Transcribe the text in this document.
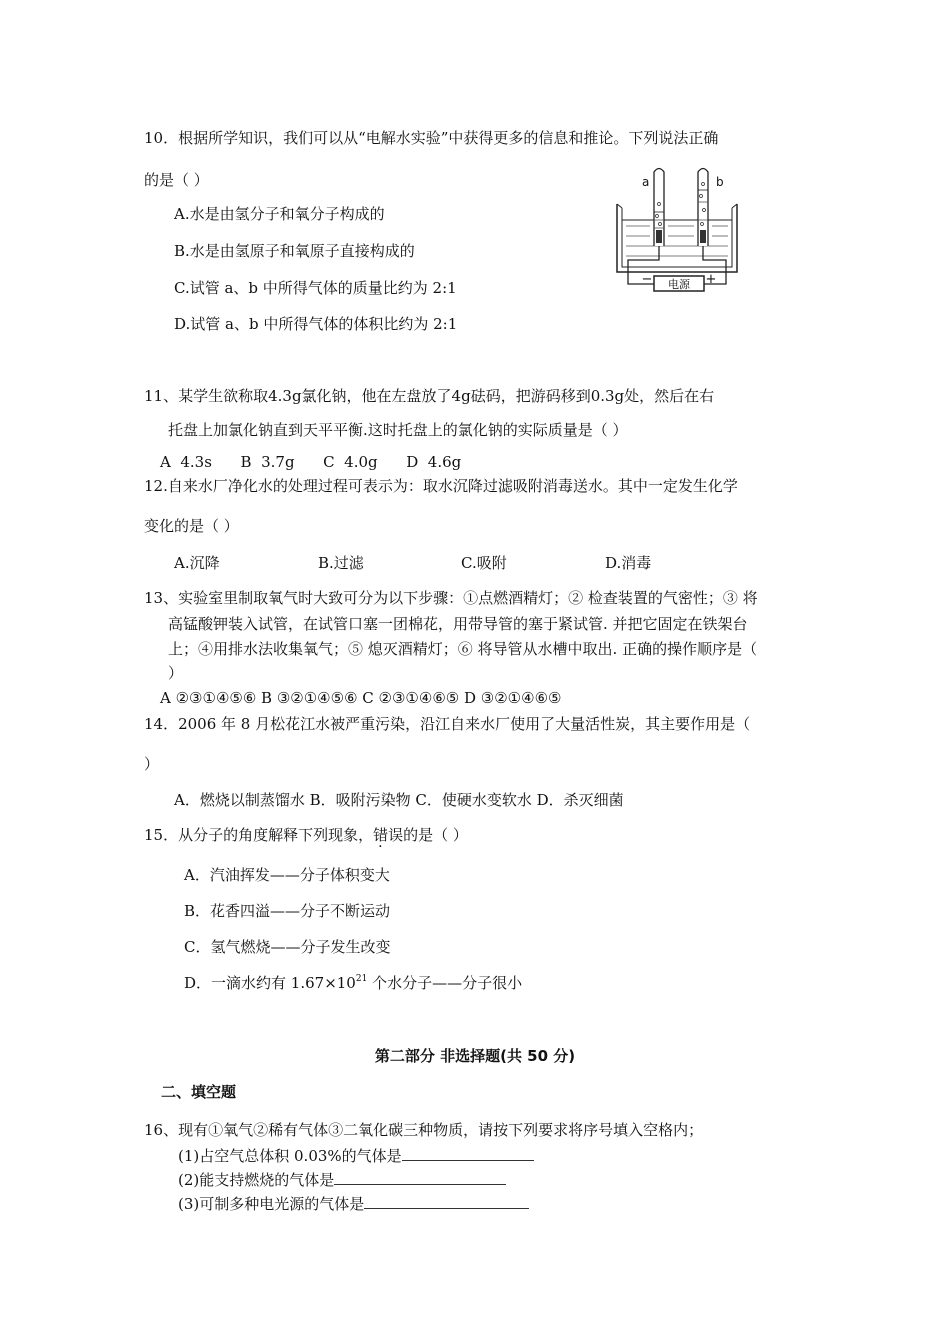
10．根据所学知识，我们可以从“电解水实验”中获得更多的信息和推论。下列说法正确
的是（ ）
A.水是由氢分子和氧分子构成的
B.水是由氢原子和氧原子直接构成的
C.试管 a、b 中所得气体的质量比约为 2:1
D.试管 a、b 中所得气体的体积比约为 2:1
电源
−	+
a	b
11、某学生欲称取4.3g氯化钠，他在左盘放了4g砝码，把游码移到0.3g处，然后在右
托盘上加氯化钠直到天平平衡.这时托盘上的氯化钠的实际质量是（ ）
A  4.3s      B  3.7g      C  4.0g      D  4.6g
12.自来水厂净化水的处理过程可表示为：取水沉降过滤吸附消毒送水。其中一定发生化学
变化的是（ ）
A.沉降	B.过滤	C.吸附	D.消毒
13、实验室里制取氧气时大致可分为以下步骤：①点燃酒精灯；② 检查装置的气密性；③ 将
高锰酸钾装入试管，在试管口塞一团棉花，用带导管的塞于紧试管. 并把它固定在铁架台
上；④用排水法收集氧气；⑤ 熄灭酒精灯；⑥ 将导管从水槽中取出. 正确的操作顺序是（
）
A ②③①④⑤⑥ B ③②①④⑤⑥ C ②③①④⑥⑤ D ③②①④⑥⑤
14．2006 年 8 月松花江水被严重污染，沿江自来水厂使用了大量活性炭，其主要作用是（
）
A．燃烧以制蒸馏水 B．吸附污染物 C．使硬水变软水 D．杀灭细菌
15．从分子的角度解释下列现象，错误的是（ ）
A．汽油挥发——分子体积变大
B．花香四溢——分子不断运动
C．氢气燃烧——分子发生改变
D．一滴水约有 $1.67\times 10^{21}$ 个水分子——分子很小
第二部分 非选择题(共 50 分)
二、填空题
16、现有①氧气②稀有气体③二氧化碳三种物质，请按下列要求将序号填入空格内；
(1)占空气总体积 0.03%的气体是
(2)能支持燃烧的气体是
(3)可制多种电光源的气体是
